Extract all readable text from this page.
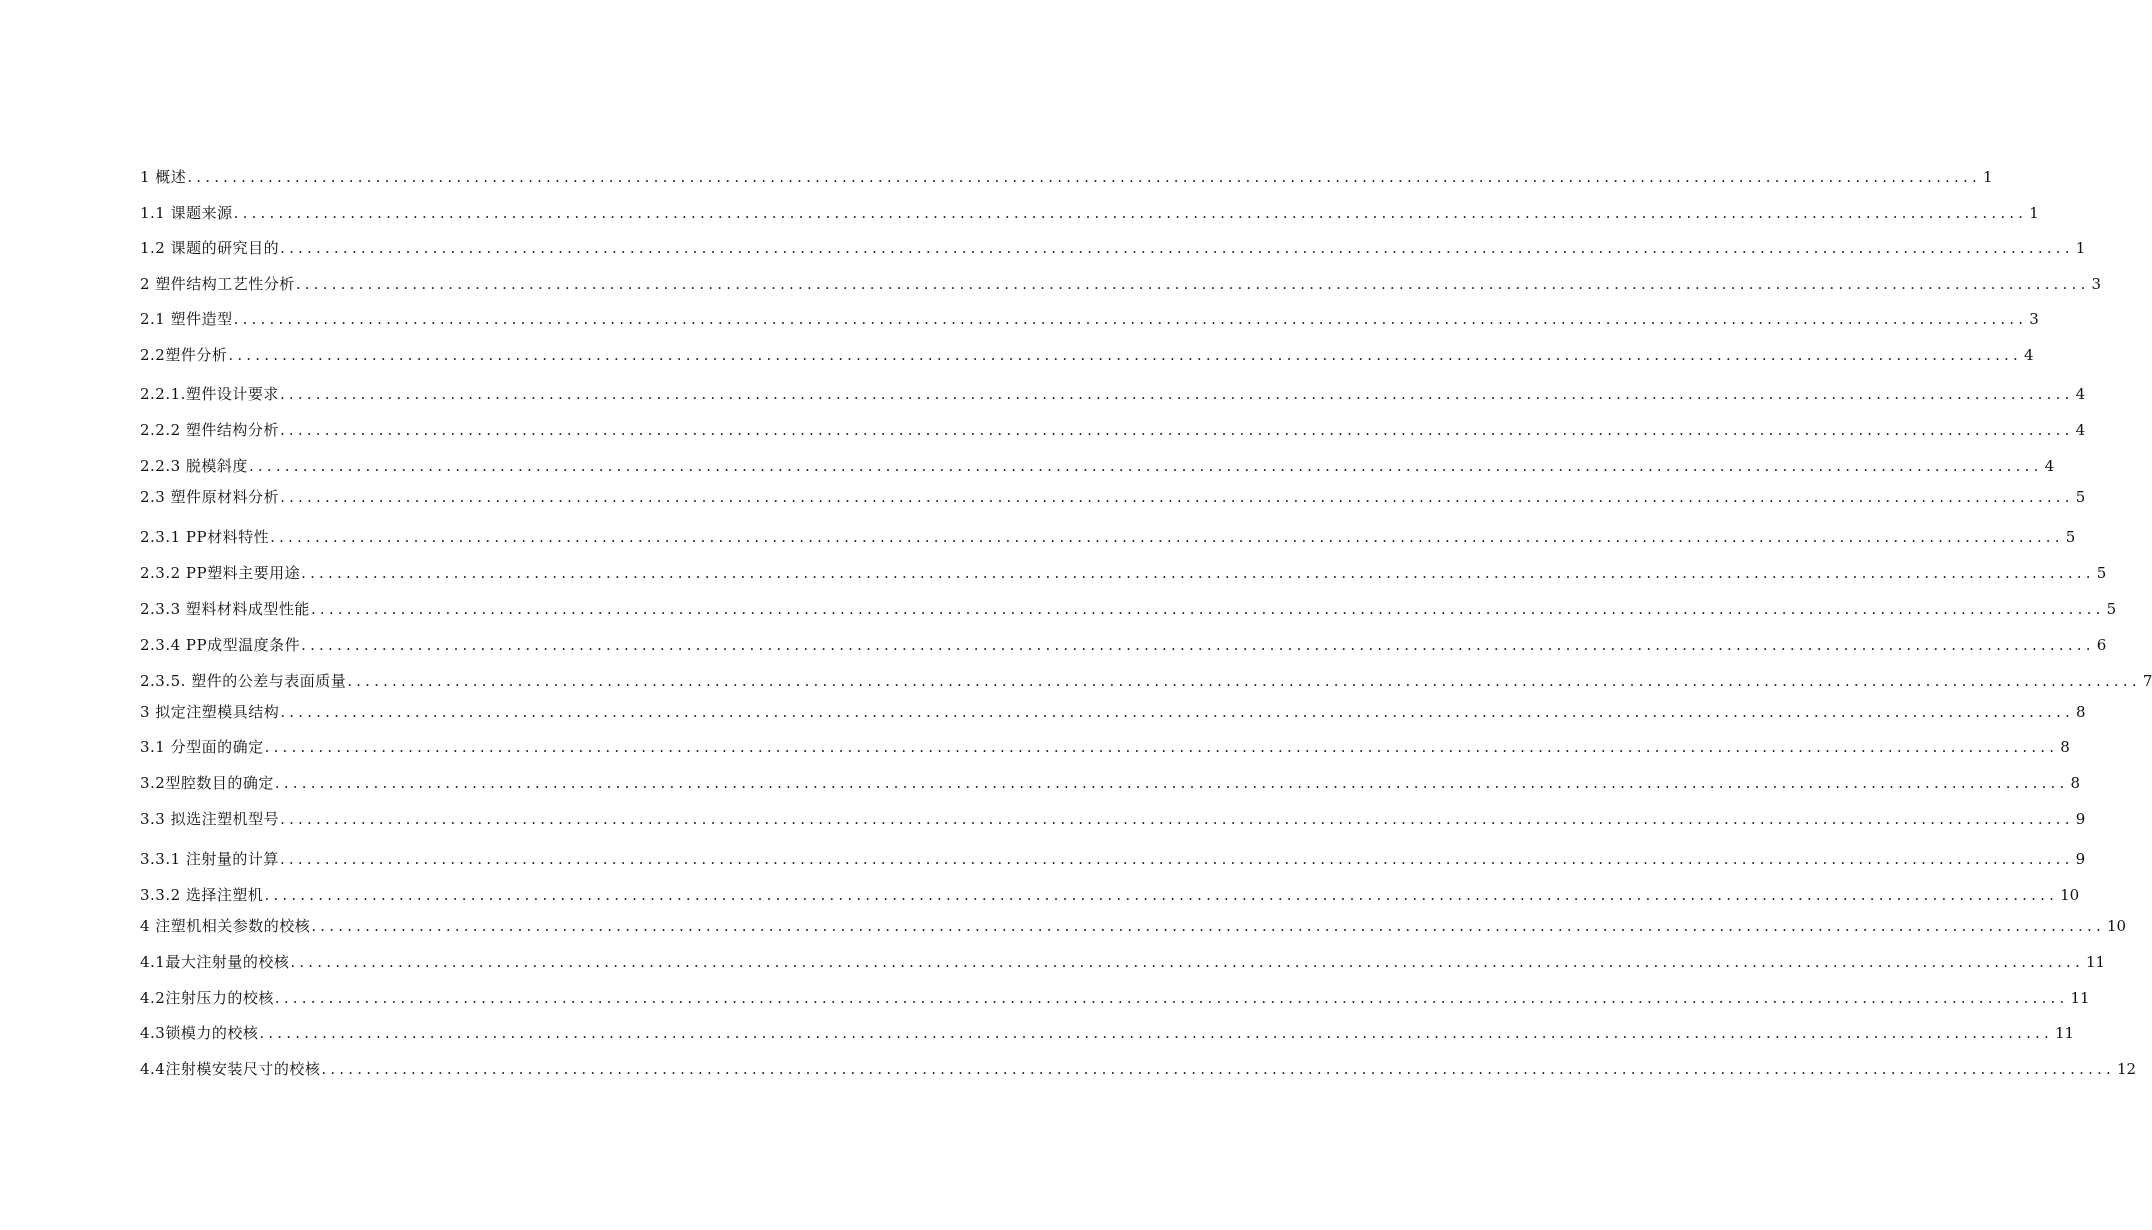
1 概述 ........................................................................................................................................................................................................ 1
1.1 课题来源 ........................................................................................................................................................................................................ 1
1.2 课题的研究目的 ........................................................................................................................................................................................................ 1
2 塑件结构工艺性分析 ........................................................................................................................................................................................................ 3
2.1 塑件造型 ........................................................................................................................................................................................................ 3
2.2塑件分析 ........................................................................................................................................................................................................ 4
2.2.1.塑件设计要求 ........................................................................................................................................................................................................ 4
2.2.2 塑件结构分析 ........................................................................................................................................................................................................ 4
2.2.3 脱模斜度 ........................................................................................................................................................................................................ 4
2.3 塑件原材料分析 ........................................................................................................................................................................................................ 5
2.3.1 PP材料特性 ........................................................................................................................................................................................................ 5
2.3.2 PP塑料主要用途 ........................................................................................................................................................................................................ 5
2.3.3 塑料材料成型性能 ........................................................................................................................................................................................................ 5
2.3.4 PP成型温度条件 ........................................................................................................................................................................................................ 6
2.3.5. 塑件的公差与表面质量 ........................................................................................................................................................................................................ 7
3 拟定注塑模具结构 ........................................................................................................................................................................................................ 8
3.1 分型面的确定 ........................................................................................................................................................................................................ 8
3.2型腔数目的确定 ........................................................................................................................................................................................................ 8
3.3 拟选注塑机型号 ........................................................................................................................................................................................................ 9
3.3.1 注射量的计算 ........................................................................................................................................................................................................ 9
3.3.2 选择注塑机 ........................................................................................................................................................................................................ 10
4 注塑机相关参数的校核 ........................................................................................................................................................................................................ 10
4.1最大注射量的校核 ........................................................................................................................................................................................................ 11
4.2注射压力的校核 ........................................................................................................................................................................................................ 11
4.3锁模力的校核 ........................................................................................................................................................................................................ 11
4.4注射模安装尺寸的校核 ........................................................................................................................................................................................................ 12
